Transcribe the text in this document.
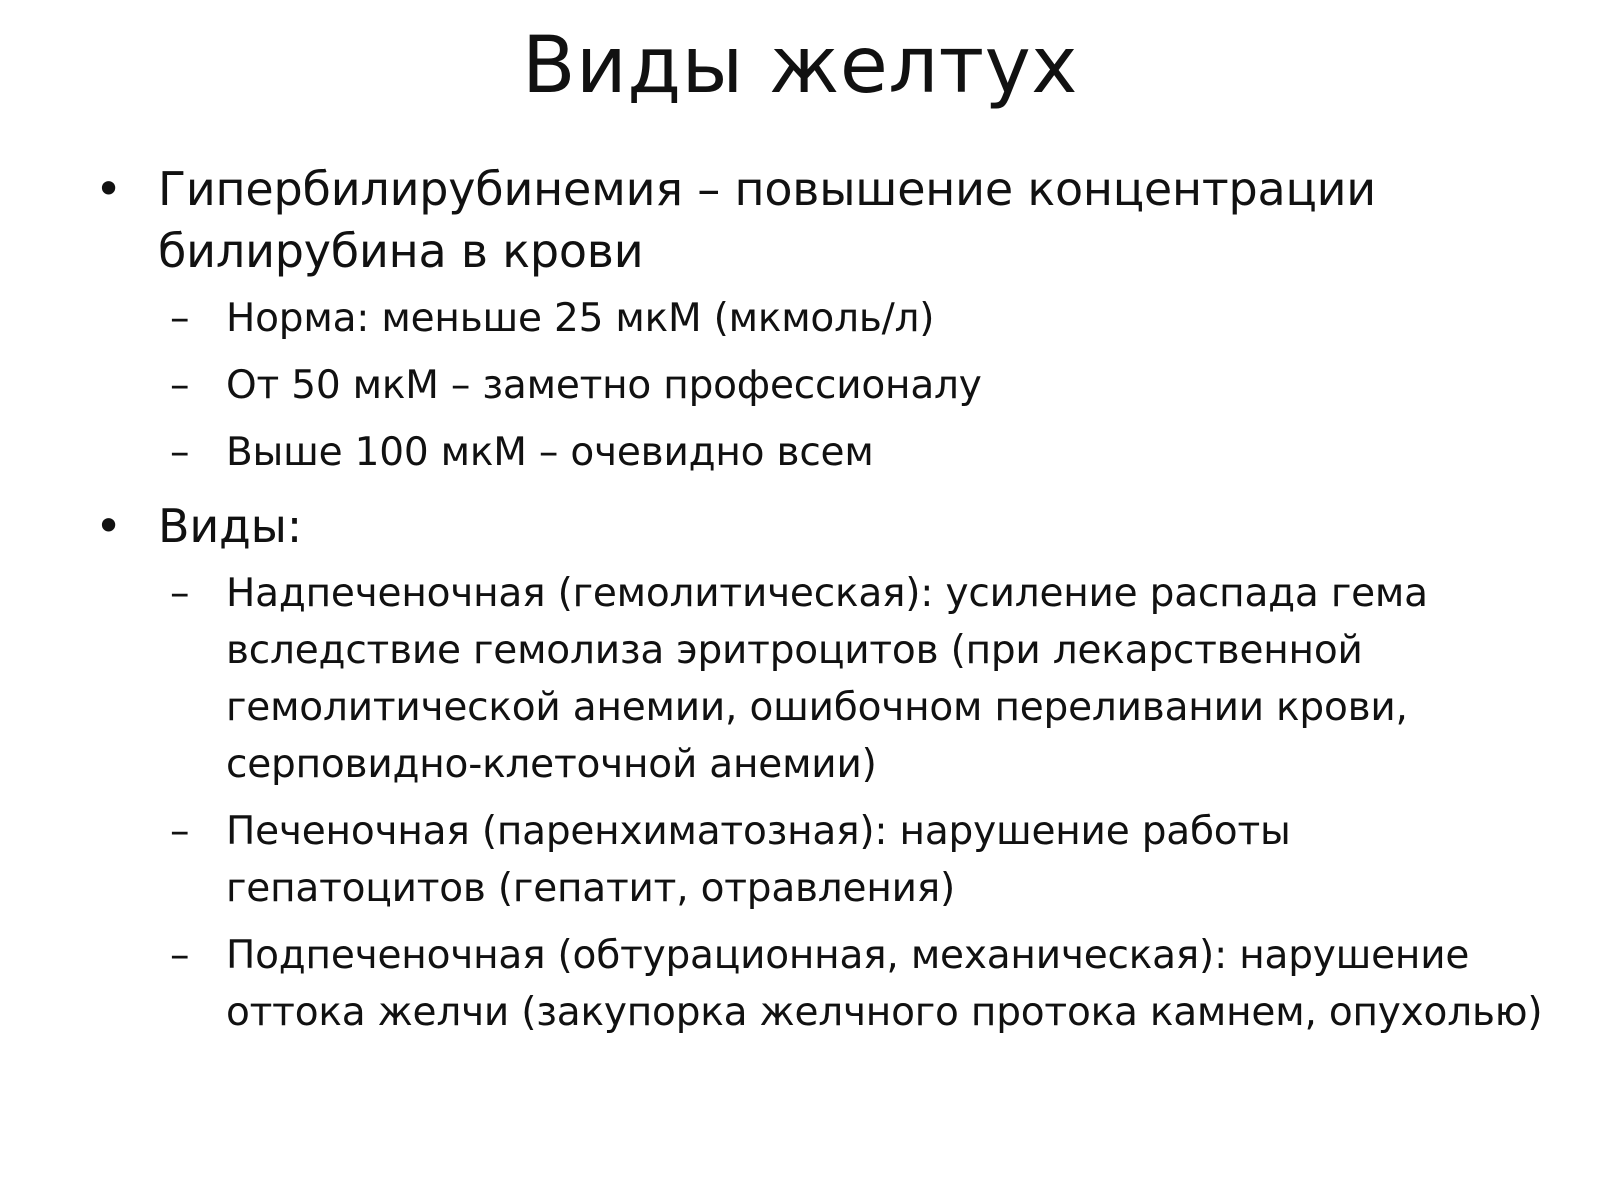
Виды желтух
• Гипербилирубинемия – повышение концентрации билирубина в крови
– Норма: меньше 25 мкМ (мкмоль/л)
– От 50 мкМ – заметно профессионалу
– Выше 100 мкМ – очевидно всем
• Виды:
– Надпеченочная (гемолитическая): усиление распада гема вследствие гемолиза эритроцитов (при лекарственной гемолитической анемии, ошибочном переливании крови, серповидно-клеточной анемии)
– Печеночная (паренхиматозная): нарушение работы гепатоцитов (гепатит, отравления)
– Подпеченочная (обтурационная, механическая): нарушение оттока желчи (закупорка желчного протока камнем, опухолью)
